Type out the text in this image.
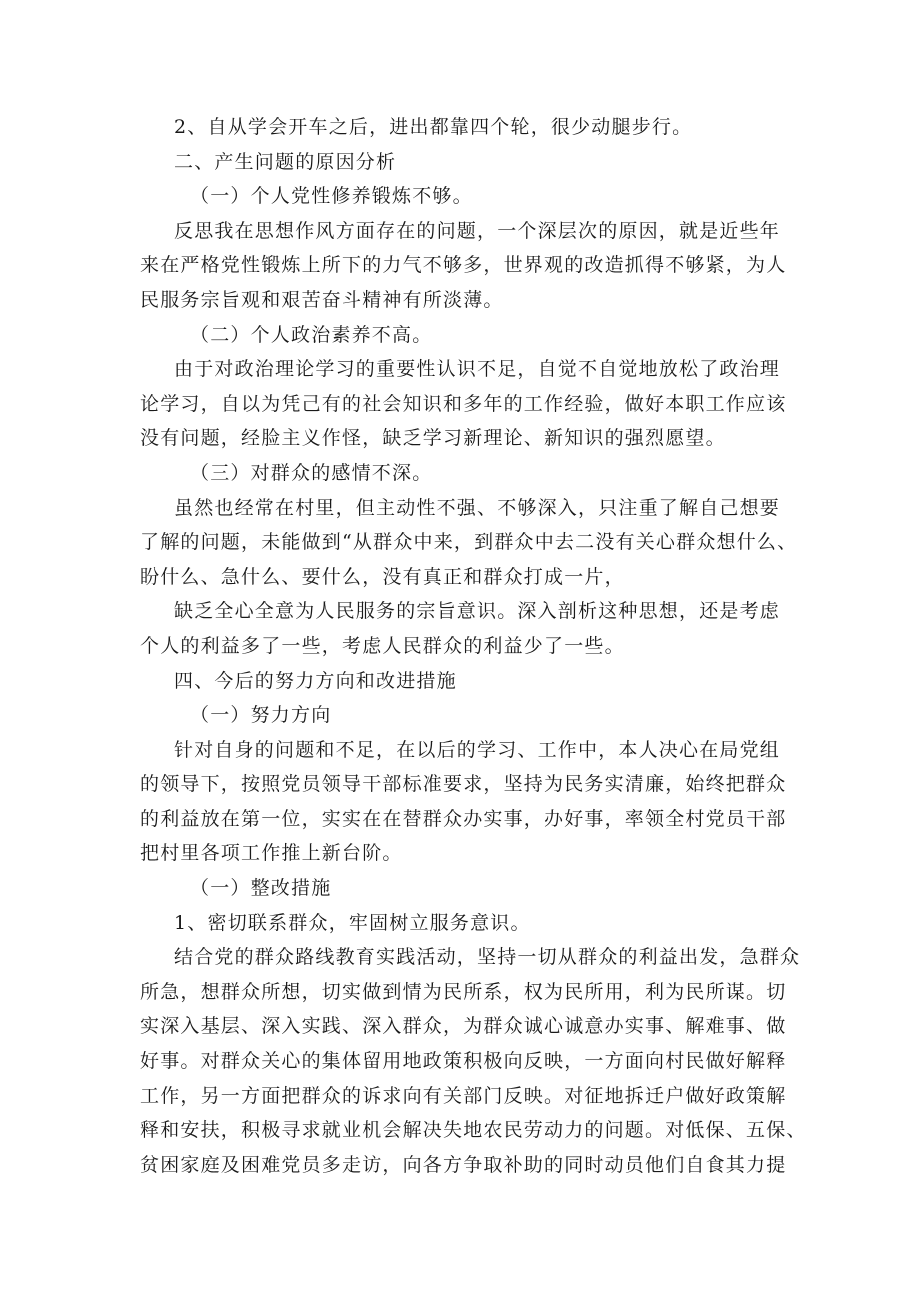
2、自从学会开车之后，进出都靠四个轮，很少动腿步行。
二、产生问题的原因分析
（一）个人党性修养锻炼不够。
反思我在思想作风方面存在的问题，一个深层次的原因，就是近些年
来在严格党性锻炼上所下的力气不够多，世界观的改造抓得不够紧，为人
民服务宗旨观和艰苦奋斗精神有所淡薄。
（二）个人政治素养不高。
由于对政治理论学习的重要性认识不足，自觉不自觉地放松了政治理
论学习，自以为凭己有的社会知识和多年的工作经验，做好本职工作应该
没有问题，经脸主义作怪，缺乏学习新理论、新知识的强烈愿望。
（三）对群众的感情不深。
虽然也经常在村里，但主动性不强、不够深入，只注重了解自己想要
了解的问题，未能做到“从群众中来，到群众中去二没有关心群众想什么、
盼什么、急什么、要什么，没有真正和群众打成一片，
缺乏全心全意为人民服务的宗旨意识。深入剖析这种思想，还是考虑
个人的利益多了一些，考虑人民群众的利益少了一些。
四、今后的努力方向和改进措施
（一）努力方向
针对自身的问题和不足，在以后的学习、工作中，本人决心在局党组
的领导下，按照党员领导干部标准要求，坚持为民务实清廉，始终把群众
的利益放在第一位，实实在在替群众办实事，办好事，率领全村党员干部
把村里各项工作推上新台阶。
（一）整改措施
1、密切联系群众，牢固树立服务意识。
结合党的群众路线教育实践活动，坚持一切从群众的利益出发，急群众
所急，想群众所想，切实做到情为民所系，权为民所用，利为民所谋。切
实深入基层、深入实践、深入群众，为群众诚心诚意办实事、解难事、做
好事。对群众关心的集体留用地政策积极向反映，一方面向村民做好解释
工作，另一方面把群众的诉求向有关部门反映。对征地拆迁户做好政策解
释和安扶，积极寻求就业机会解决失地农民劳动力的问题。对低保、五保、
贫困家庭及困难党员多走访，向各方争取补助的同时动员他们自食其力提
